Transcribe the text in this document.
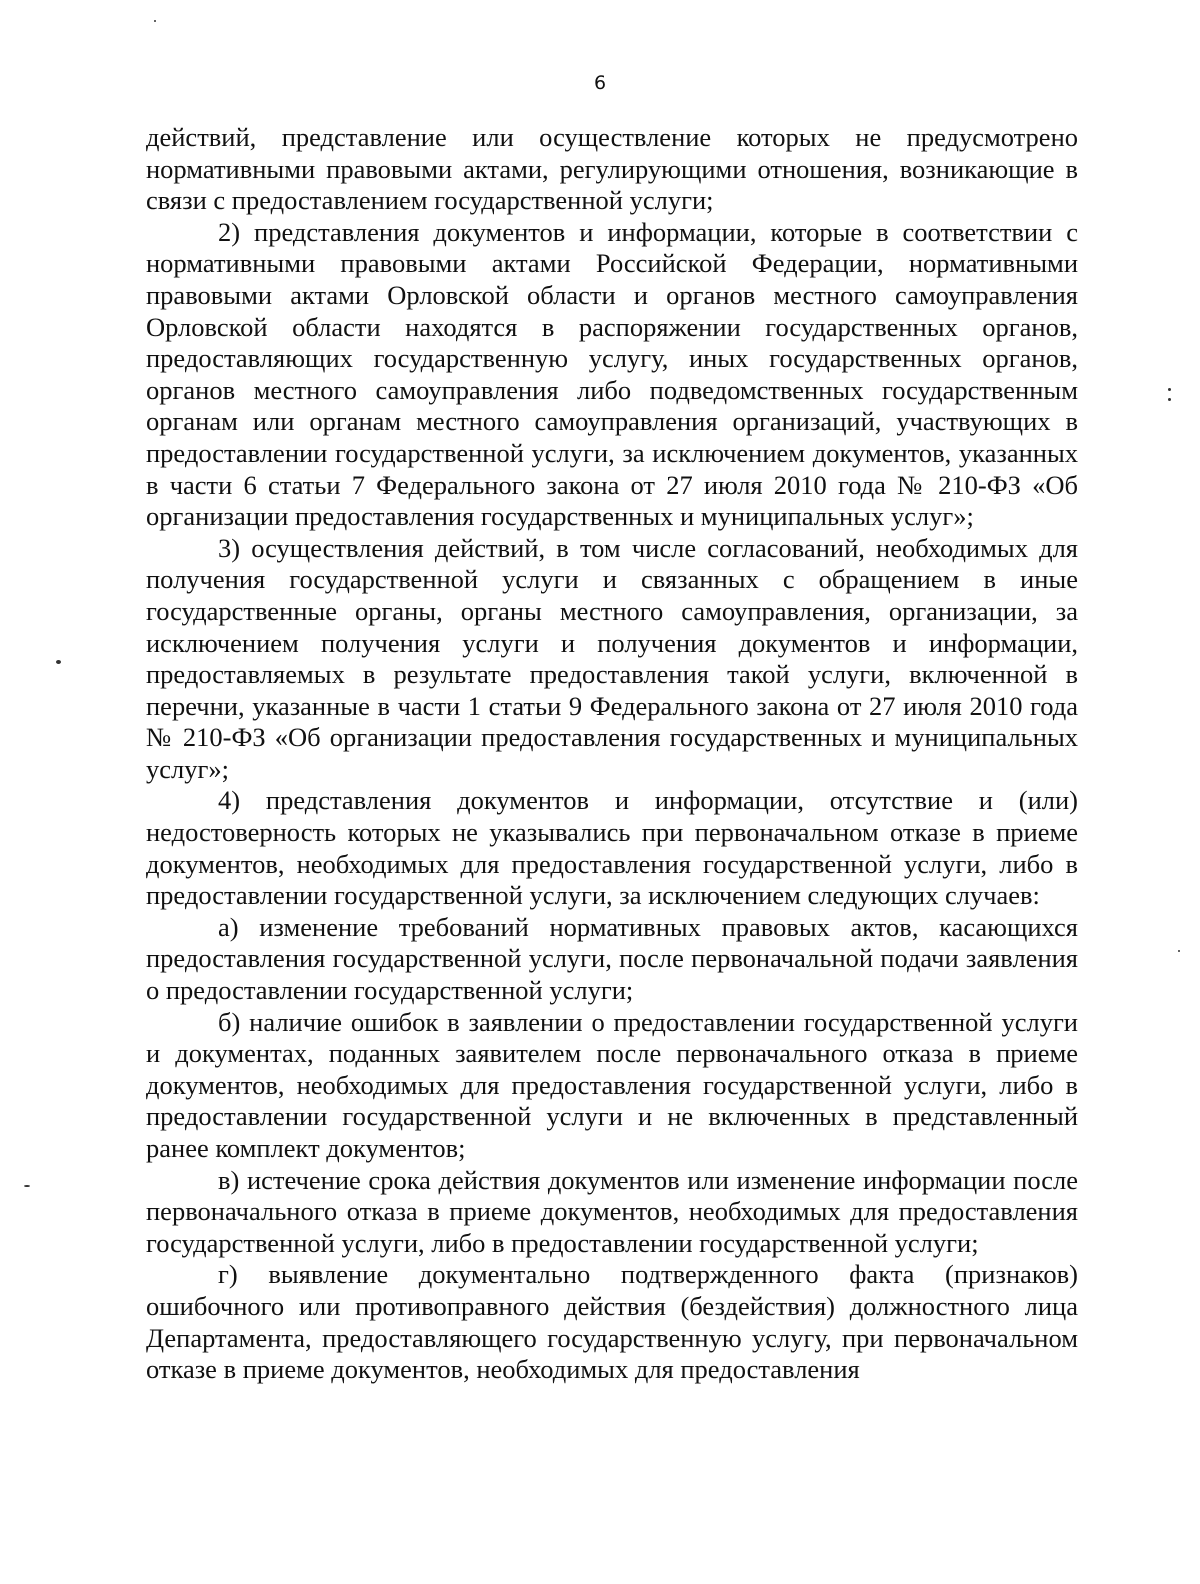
6

действий, представление или осуществление которых не предусмотрено нормативными правовыми актами, регулирующими отношения, возникающие в связи с предоставлением государственной услуги;

2) представления документов и информации, которые в соответствии с нормативными правовыми актами Российской Федерации, нормативными правовыми актами Орловской области и органов местного самоуправления Орловской области находятся в распоряжении государственных органов, предоставляющих государственную услугу, иных государственных органов, органов местного самоуправления либо подведомственных государственным органам или органам местного самоуправления организаций, участвующих в предоставлении государственной услуги, за исключением документов, указанных в части 6 статьи 7 Федерального закона от 27 июля 2010 года № 210-ФЗ «Об организации предоставления государственных и муниципальных услуг»;

3) осуществления действий, в том числе согласований, необходимых для получения государственной услуги и связанных с обращением в иные государственные органы, органы местного самоуправления, организации, за исключением получения услуги и получения документов и информации, предоставляемых в результате предоставления такой услуги, включенной в перечни, указанные в части 1 статьи 9 Федерального закона от 27 июля 2010 года № 210-ФЗ «Об организации предоставления государственных и муниципальных услуг»;

4) представления документов и информации, отсутствие и (или) недостоверность которых не указывались при первоначальном отказе в приеме документов, необходимых для предоставления государственной услуги, либо в предоставлении государственной услуги, за исключением следующих случаев:

а) изменение требований нормативных правовых актов, касающихся предоставления государственной услуги, после первоначальной подачи заявления о предоставлении государственной услуги;

б) наличие ошибок в заявлении о предоставлении государственной услуги и документах, поданных заявителем после первоначального отказа в приеме документов, необходимых для предоставления государственной услуги, либо в предоставлении государственной услуги и не включенных в представленный ранее комплект документов;

в) истечение срока действия документов или изменение информации после первоначального отказа в приеме документов, необходимых для предоставления государственной услуги, либо в предоставлении государственной услуги;

г) выявление документально подтвержденного факта (признаков) ошибочного или противоправного действия (бездействия) должностного лица Департамента, предоставляющего государственную услугу, при первоначальном отказе в приеме документов, необходимых для предоставления
